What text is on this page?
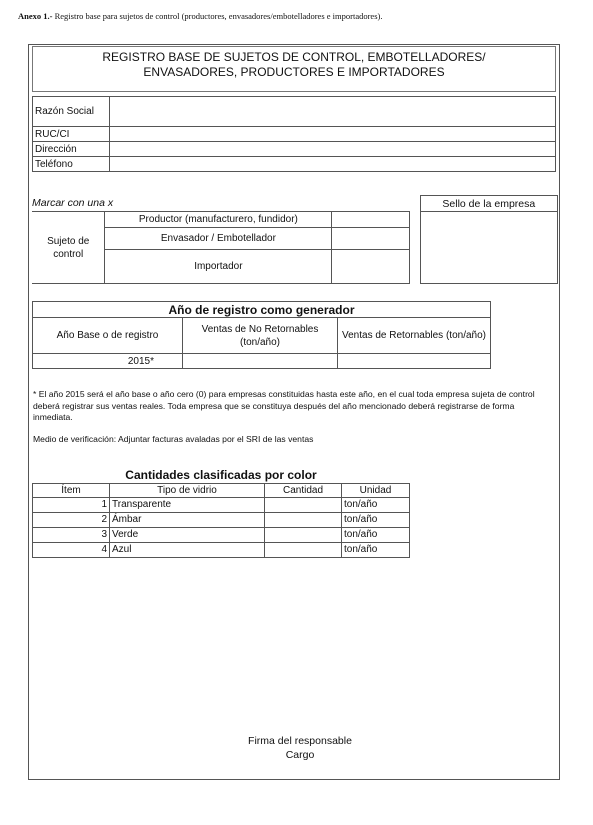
Anexo 1.- Registro base para sujetos de control (productores, envasadores/embotelladores e importadores).
REGISTRO BASE DE SUJETOS DE CONTROL, EMBOTELLADORES/
ENVASADORES, PRODUCTORES E IMPORTADORES
Razón Social	
RUC/CI	
Dirección	
Teléfono	
Marcar con una x				Sello de la empresa
Sujeto de control	Productor (manufacturero, fundidor)			
	Envasador / Embotellador			
	Importador			
Año de registro como generador		
Año Base o de registro	Ventas de No Retornables (ton/año)	Ventas de Retornables (ton/año)
2015*		
* El año 2015 será el año base o año cero (0) para empresas constituidas hasta este año, en el cual toda empresa sujeta de control deberá registrar sus ventas reales. Toda empresa que se constituya después del año mencionado deberá registrarse de forma inmediata.
Medio de verificación: Adjuntar facturas avaladas por el SRI de las ventas
Cantidades clasificadas por color			
Ítem	Tipo de vidrio	Cantidad	Unidad
1	Transparente		ton/año
2	Ámbar		ton/año
3	Verde		ton/año
4	Azul		ton/año
Firma del responsable
Cargo
